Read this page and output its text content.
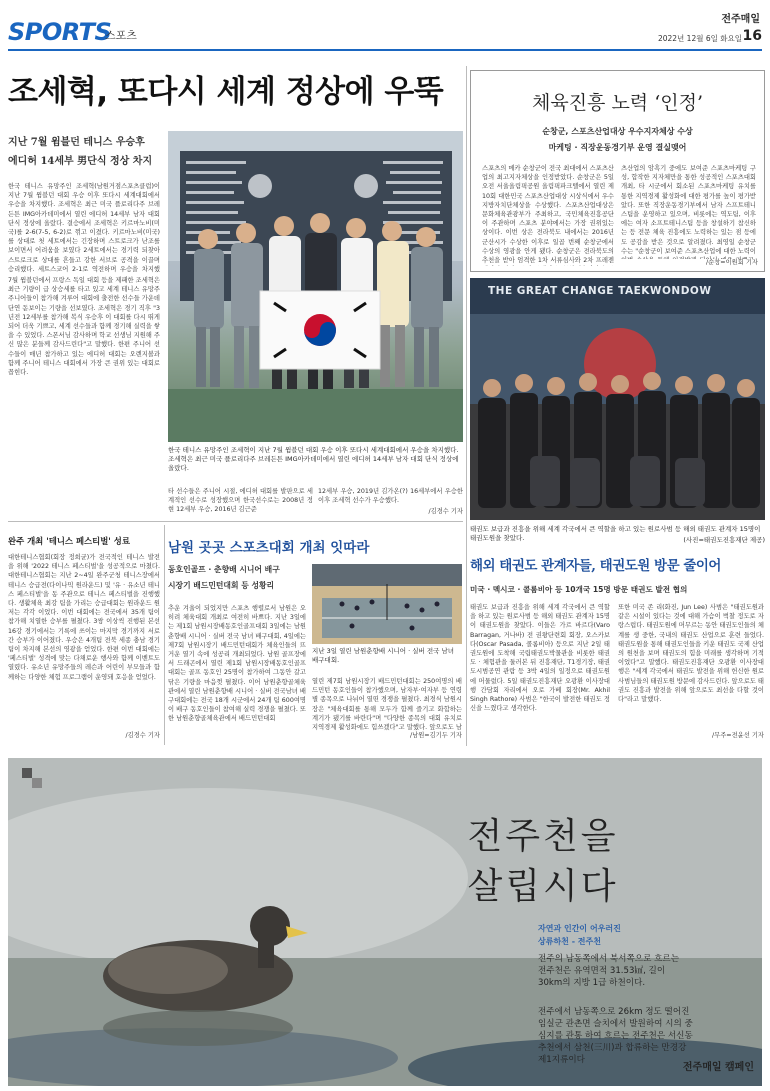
SPORTS
스포츠
전주매일
2022년 12월 6일 화요일 16
조세혁, 또다시 세계 정상에 우뚝
지난 7월 윔블던 테니스 우승후
에디허 14세부 男단식 정상 차지
한국 테니스 유망주인 조세혁(남원거점스포츠클럽)이 지난 7월 윔블던 대회 우승 이후 또다시 세계대회에서 우승을 차지했다. 조세혁은 최근 미국 플로리다주 브레든튼 IMG아카데미에서 열린 에디허 14세부 남자 대회 단식 정상에 올랐다. 결승에서 조세혁은 키르마노비(미국)를 2-6(7-5, 6-2)로 꺾고 이겼다. 키르마노비(미국)를 상대로 첫 세트에서는 긴장하며 스트로크가 난조를 보이면서 어려움을 보였다 2세트에서는 경기력 되찾아 스트로크로 상대를 흔들고 강한 서브로 공격을 이끌며 승리했다. 세트스코어 2-1로 역전하며 우승을 차지했
7월 윔블던에서 프랑스 독일 대회 등을 제패한 조세혁은 최근 기량이 급 상승세를 타고 있고 세계 테니스 유망주 주니어들이 참가해 겨루어 대회에 출전한 선수들 가운데 단연 돋보이는 기량을 선보였다. 조세혁은 경기 직후 "3년전 12세부를 참가해 복식 우승후 이 대회를 다시 뛰게 되어 더욱 기쁘고, 세계 선수들과 함께 경기해 실력을 쌓을 수 있었다. 스폰서님 감사하며 학교 선생님 지원해 주신 많은 분들께 감사드린다"고 말했다. 한편 주니어 선수들이 매년 참가하고 있는 에디허 대회는 오렌지볼과 함께 주니어 테니스 대회에서 가장 큰 권위 있는 대회로 꼽힌다.
한국 테니스 유망주인 조세혁이 지난 7월 윔블던 대회 우승 이후 또다시 세계대회에서 우승을 차지했다. 조세혁은 최근 미국 플로리다주 브레든튼 IMG아카데미에서 열린 에디허 14세부 남자 대회 단식 정상에 올랐다.
타 선수들은 주니어 시절, 에디허 대회를 발판으로 세계적인 선수로 성장했으며 한국선수로는 2008년 정현 12세부 우승, 2016년 김근준
12세부 우승, 2019년 김가온(?) 16세부에서 우승한 이후 조세혁 선수가 우승했다.
/김경수 기자
체육진흥 노력 ‘인정’
순창군, 스포츠산업대상 우수지자체상 수상
마케팅 · 직장운동경기부 운영 결실맺어
스포츠의 메카 순창군이 전국 최대에서 스포츠산업의 최고지자체상을 인정받았다. 순창군은 5일 오전 서울올림픽공원 올림픽파크텔에서 열린 제10회 대한민국 스포츠산업대상 시상식에서 우수지방자치단체상을 수상했다. 스포츠산업대상은 문화체육관광부가 주최하고, 국민체육진흥공단이 주관하며 스포츠 분야에서는 가장 권위있는 상이다. 이번 상은 전라북도 내에서는 2016년 군산시가 수상한 이후로 일곱 번째 순창군에서 수상의 영광을 안게 됐다. 순창군은 전라북도의 추천을 받아 엄격한 1차 서류심사와 2차 프레젠
츠산업의 암흑기 중에도 보여준 스포츠마케팅 구성, 합작한 지자체만을 통한 성공적인 스포츠대회 개최, 타 시군에서 회소된 스포츠마케팅 유치를 통한 지역경제 활성화에 대한 평가를 높이 평가받았다. 또한 직장운동경기부에서 남자 스프트테니스팀을 운영하고 있으며, 비롯에는 역도팀, 이후에는 여자 소프트테니스팀 등을 창설하기 참신하는 등 전문 체육 진흥에도 노력하는 있는 점 등에도 공감을 받은 것으로 알려졌다. 최영일 순창군수는 "순창군이 보여준 스포츠산업에 대한 노력이
/순창=이원회 기자
THE GREAT CHANGE TAEKWONDOW
태권도 보급과 진흥을 위해 세계 각국에서 큰 역할을 하고 있는 원로사범 등 해외 태권도 관계자 15명이 태권도원을 찾았다.	(사진=태권도진흥재단 제공)
해외 태권도 관계자들, 태권도원 방문 줄이어
미국 · 멕시코 · 콜롬비아 등 10개국 15명 방문 태권도 발전 협의
태권도 보급과 진흥을 위해 세계 각국에서 큰 역할을 하고 있는 원로사범 등 해외 태권도 관계자 15명이 태권도원을 찾았다. 이들은 가르 바르다(Varo Barragan, 거나바) 전 권왕단련회 회장, 오스카보다(Oscar Pasada, 콜롬비아) 등으로 지난 2일 태권도원에 도착해 국립태권도박물관을 비롯한 태권도 · 체험관을 둘러본 뒤 진흥재단, T1경기장, 태권도시범공연 관람 등 3박 4일의 일정으로 태권도원에 머물렀다. 5일 태권도진흥재단 오광환 이사장대행 간담회 자리에서 오로 가베 회장(Mr. Akhil Singh Rathore) 사범은 "한국이 발전한 태권도 정신을 느꼈다고 생각한다.
또한 미국 존 리(화진, Jun Lee) 사범은 "태권도원과 같은 시설이 있다는 것에 대해 가슴이 벅찰 정도로 자랑스럽다. 태권도원에 머무르는 동안 태권도인들의 체계를 생 중한, 국내의 태권도 산업으로 훈련 들었다. 태권도원을 통해 태권도인들을 키운 태권도 국제 산업의 원천을 보며 태권도의 힘을 미래를 생각하며 기적이었다"고 말했다. 태권도진흥재단 오광환 이사장대행은 "세계 각국에서 태권도 발전을 위해 헌신한 원로 사범님들의 태권도원 방문에 감사드린다. 앞으로도 태권도 진흥과 발전을 위해 앞으로도 최선을 다할 것이다"라고 말했다.
/무주=전윤선 기자
완주 개최 '테니스 페스티벌' 성료
대한테니스협회(회장 정희균)가 전국적인 테니스 발전을 위해 '2022 테니스 페스티벌'을 성공적으로 마쳤다. 대한테니스협회는 지난 2~4일 완주군청 테니스장에서 테니스 승급전(다이나믹 원라운드) 및 '유 · 유소년 테니스 페스티벌'을 동 주관으로 테니스 페스티벌을 진행했다. 생활체육 최강 팀을 가리는 승급대회는 원라운드 원저는 각각 이었다. 이번 대회에는 전국에서 35개 팀이 참가해 치열한 승부를 펼쳤다. 3쌍 이상씩 진행된 본선 16강 경기에서는 기록에 쓰이는 마지막 경기까지 서로 간 승부가 이어졌다. 우승은 4개팀 전북 세종 충남 경기 팀이 차지해 본선의 영광을 얻었다. 한편 이번 대회에는 '페스티벌' 성격에 맞는 다채로운 행사와 함께 이벤트도 열렸다. 유소년 유망주들의 레슨과 어린이 부모들과 함께하는 다양한 체험 프로그램이 운영돼 호응을 얻었다.
/김경수 기자
남원 곳곳 스포츠대회 개최 잇따라
동호인골프 · 춘향배 시니어 배구
시장기 배드민턴대회 등 성황리
추운 겨울이 되었지만 스포츠 행렬로서 남원은 오히려 체육대회 개최로 여전히 바쁘다. 지난 3일에는 제1회 남원시장배동호인골프대회 3일에는 남원춘향배 시니어 · 실버 전국 남녀 배구대회, 4일에는 제7회 남원시장기 배드민턴대회가 체육인들의 뜨거운 열기 속에 성공리 개최되었다. 남원 골프장에서 드래곤에서 열린 제1회 남원시장배동호인골프대회는 골프 동호인 25명이 참가하여 그동안 갈고닦은 기량을 마음껏 펼쳤다. 이어 남원춘향골체육관에서 열린 남원춘향배 시니어 · 실버 전국남녀 배구대회에는 전국 18개 시군에서 24개 팀 600여명이 배구 동호인들이 참여해 실력 경쟁을 펼쳤다. 또한 남원춘향골체육관에서 배드민턴대회
지난 3일 열린 남원춘향배 시니어 · 실버 전국 남녀 배구대회.
열린 제7회 남원시장기 배드민턴대회는 250여명의 배드민턴 동호인들이 참가했으며, 남자부·여자부 등 연령별 종목으로 나뉘어 열띤 경쟁을 펼쳤다. 최경식 남원시장은 "체육대회를 통해 모두가 함께 즐기고 화합하는 계기가 됐기를 바란다"며 "다양한 종목의 대회 유치로 지역경제 활성화에도 힘쓰겠다"고 말했다. 앞으로도 남
/남원=김기두 기자
전주천을
살립시다
자연과 인간이 어우러진
상류하천 - 전주천
전주의 남동쪽에서 북서쪽으로 흐르는 전주천은 유역면적 31.53㎢, 길이 30km의 지방 1급 하천이다.
전주에서 남동쪽으로 26km 정도 떨어진 임실군 관촌면 슬치에서 발원하여 시의 중심지를 관통 하여 흐르는 전주천은 서신동 추천에서 삼천(三川)과 합류하는 만경강 제1지류이다
전주매일 캠페인
